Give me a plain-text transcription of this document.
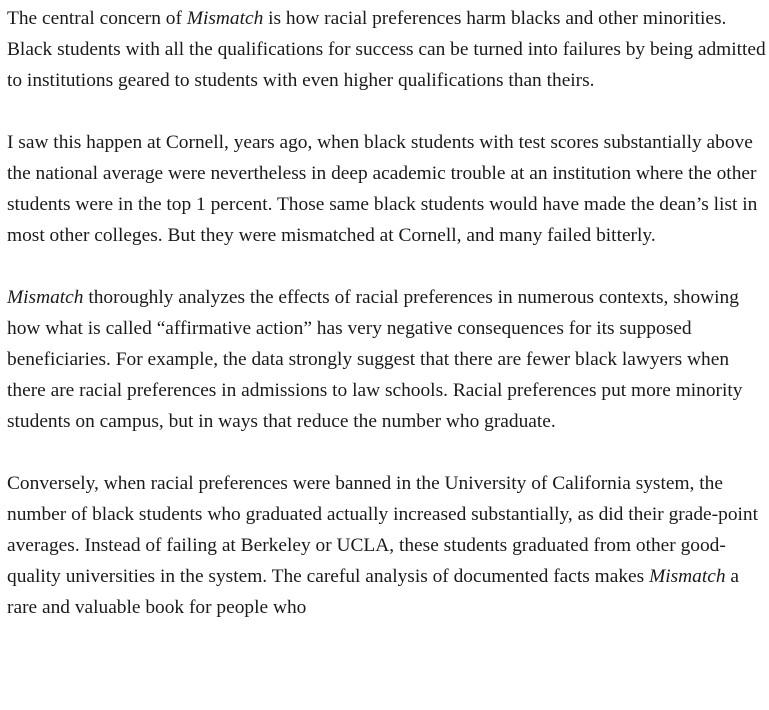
The central concern of Mismatch is how racial preferences harm blacks and other minorities. Black students with all the qualifications for success can be turned into failures by being admitted to institutions geared to students with even higher qualifications than theirs.

I saw this happen at Cornell, years ago, when black students with test scores substantially above the national average were nevertheless in deep academic trouble at an institution where the other students were in the top 1 percent. Those same black students would have made the dean’s list in most other colleges. But they were mismatched at Cornell, and many failed bitterly.

Mismatch thoroughly analyzes the effects of racial preferences in numerous contexts, showing how what is called “affirmative action” has very negative consequences for its supposed beneficiaries. For example, the data strongly suggest that there are fewer black lawyers when there are racial preferences in admissions to law schools. Racial preferences put more minority students on campus, but in ways that reduce the number who graduate.

Conversely, when racial preferences were banned in the University of California system, the number of black students who graduated actually increased substantially, as did their grade-point averages. Instead of failing at Berkeley or UCLA, these students graduated from other good-quality universities in the system. The careful analysis of documented facts makes Mismatch a rare and valuable book for people who
